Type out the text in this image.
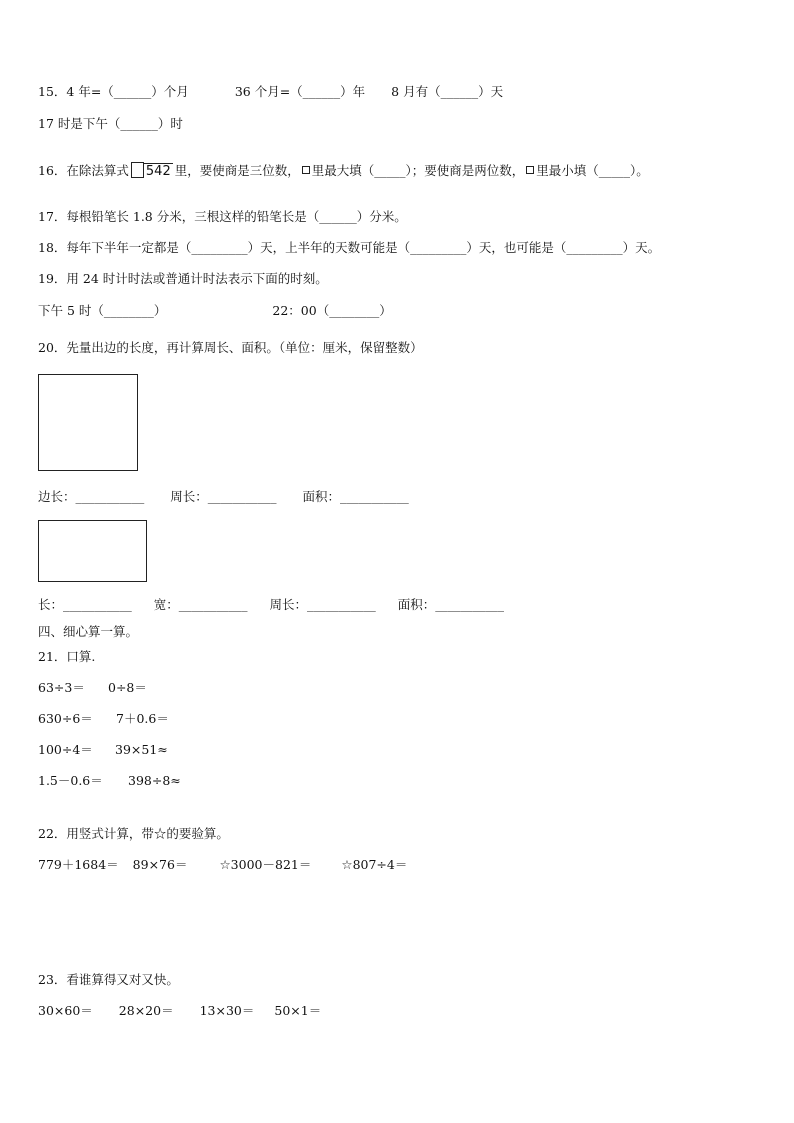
15．4 年=（______）个月	36 个月=（______）年 8 月有（______）天
17 时是下午（______）时
16．在除法算式 542 里，要使商是三位数， 里最大填（_____）；要使商是两位数， 里最小填（_____）。
17．每根铅笔长 1.8 分米，三根这样的铅笔长是（______）分米。
18．每年下半年一定都是（_________）天，上半年的天数可能是（_________）天，也可能是（_________）天。
19．用 24 时计时法或普通计时法表示下面的时刻。
下午 5 时（________）	22：00（________）
20．先量出边的长度，再计算周长、面积。（单位：厘米，保留整数）
边长：___________ 周长：___________ 面积：___________
长：___________ 宽：___________ 周长：___________ 面积：___________
四、细心算一算。
21．口算.
63÷3＝ 0÷8＝
630÷6＝ 7＋0.6＝
100÷4＝ 39×51≈
1.5－0.6＝ 398÷8≈
22．用竖式计算，带☆的要验算。
779＋1684＝ 89×76＝	☆3000－821＝ ☆807÷4＝
23．看谁算得又对又快。
30×60＝ 28×20＝ 13×30＝ 50×1＝
